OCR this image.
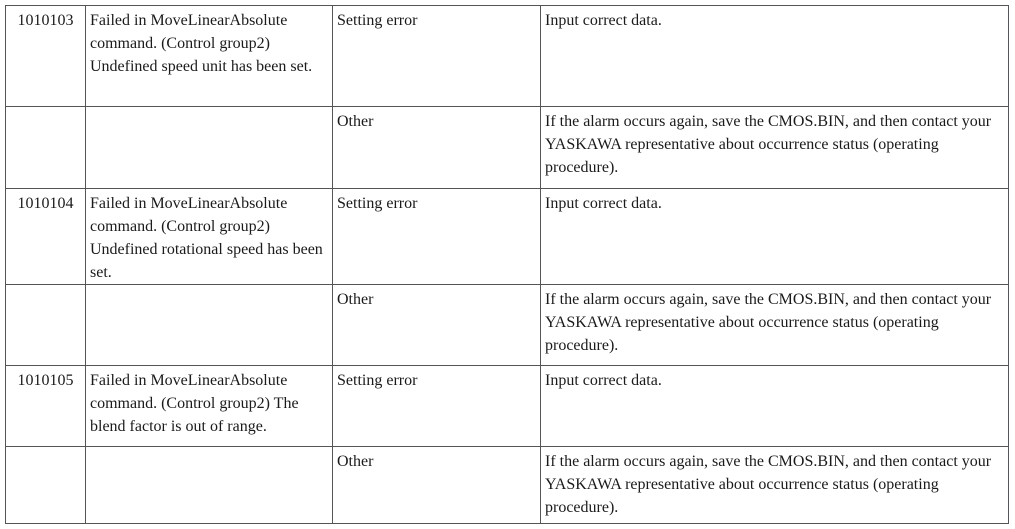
1010103	Failed in MoveLinearAbsolute command. (Control group2) Undefined speed unit has been set.	Setting error	Input correct data.
		Other	If the alarm occurs again, save the CMOS.BIN, and then contact your YASKAWA representative about occurrence status (operating procedure).
1010104	Failed in MoveLinearAbsolute command. (Control group2) Undefined rotational speed has been set.	Setting error	Input correct data.
		Other	If the alarm occurs again, save the CMOS.BIN, and then contact your YASKAWA representative about occurrence status (operating procedure).
1010105	Failed in MoveLinearAbsolute command. (Control group2) The blend factor is out of range.	Setting error	Input correct data.
		Other	If the alarm occurs again, save the CMOS.BIN, and then contact your YASKAWA representative about occurrence status (operating procedure).
